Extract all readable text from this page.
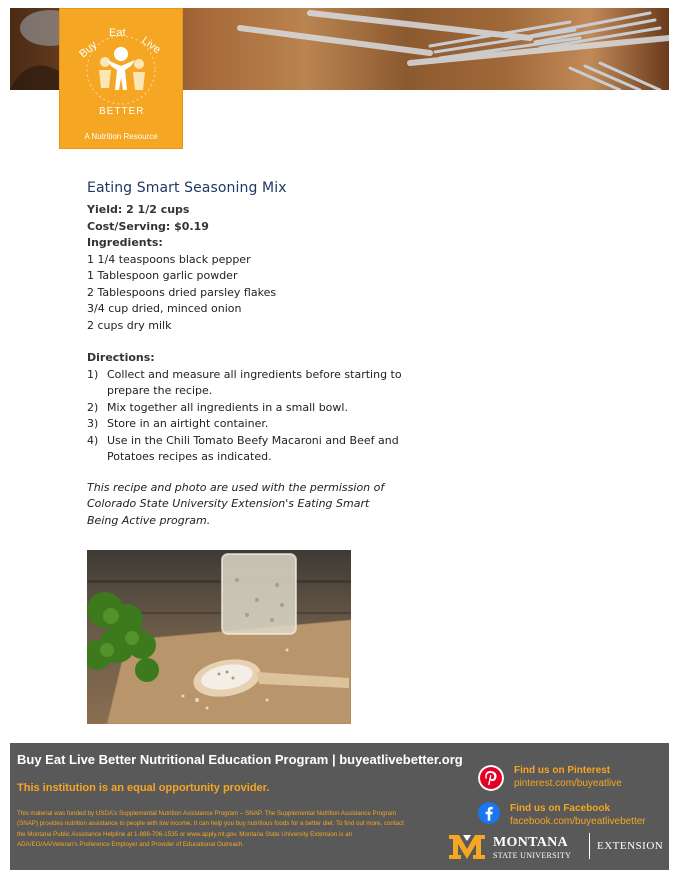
Buy
Eat
Live
BETTER
A Nutrition Resource
Eating Smart Seasoning Mix

Yield: 2 1/2 cups

Cost/Serving: $0.19

Ingredients:

1 1/4 teaspoons black pepper

1 Tablespoon garlic powder

2 Tablespoons dried parsley flakes

3/4 cup dried, minced onion

2 cups dry milk

Directions:

1) Collect and measure all ingredients before starting to prepare the recipe.
2) Mix together all ingredients in a small bowl.
3) Store in an airtight container.
4) Use in the Chili Tomato Beefy Macaroni and Beef and Potatoes recipes as indicated.

This recipe and photo are used with the permission of Colorado State University Extension's Eating Smart Being Active program.

Buy Eat Live Better Nutritional Education Program | buyeatlivebetter.org
This institution is an equal opportunity provider.
This material was funded by USDA's Supplemental Nutrition Assistance Program – SNAP. The Supplemental Nutrition Assistance Program (SNAP) provides nutrition assistance to people with low income. It can help you buy nutritious foods for a better diet. To find out more, contact the Montana Public Assistance Helpline at 1-888-706-1535 or www.apply.mt.gov. Montana State University Extension is an ADA/EO/AA/Veteran's Preference Employer and Provider of Educational Outreach.
Find us on Pinterest
pinterest.com/buyeatlive
Find us on Facebook
facebook.com/buyeatlivebetter
MONTANA
STATE UNIVERSITY
EXTENSION
